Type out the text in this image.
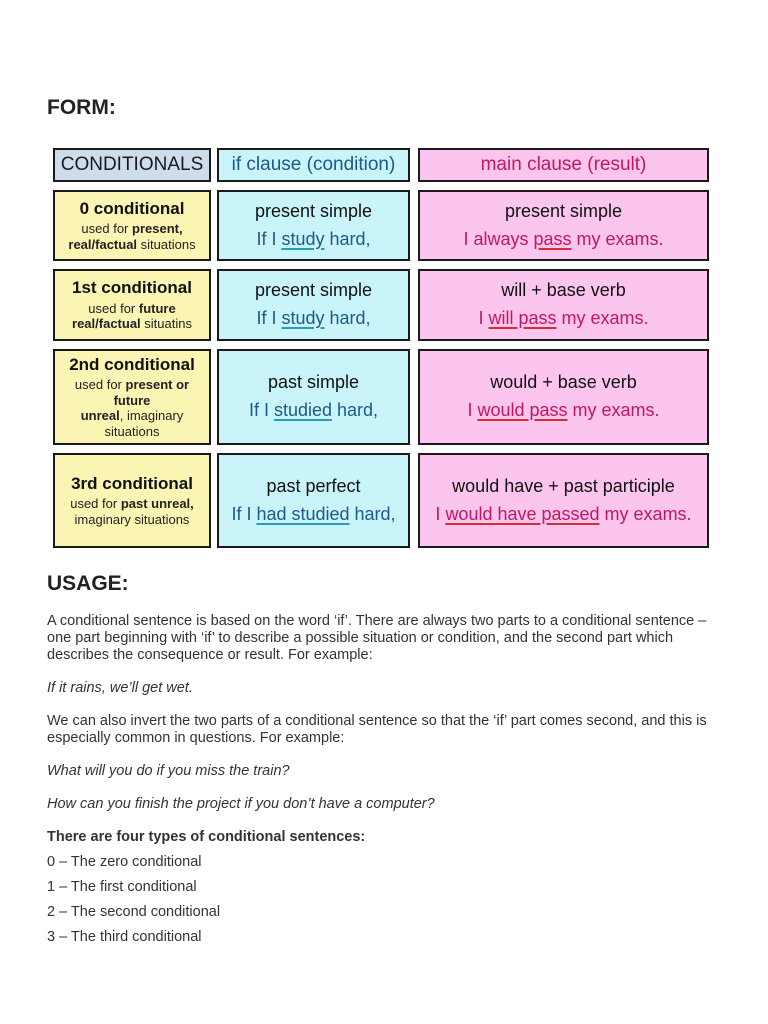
FORM:
CONDITIONALS if clause (condition)	main clause (result)
0 conditional
used for present,
real/factual situations
present simple
If I study hard,
present simple
I always pass my exams.
1st conditional
used for future
real/factual situatins
present simple
If I study hard,
will + base verb
I will pass my exams.
2nd conditional
used for present or future
unreal, imaginary
situations
past simple
If I studied hard,
would + base verb
I would pass my exams.
3rd conditional
used for past unreal,
imaginary situations
past perfect
If I had studied hard,
would have + past participle
I would have passed my exams.
USAGE:

A conditional sentence is based on the word ‘if’. There are always two parts to a conditional sentence – one part beginning with ‘if’ to describe a possible situation or condition, and the second part which describes the consequence or result. For example:

If it rains, we’ll get wet.

We can also invert the two parts of a conditional sentence so that the ‘if’ part comes second, and this is especially common in questions. For example:

What will you do if you miss the train?

How can you finish the project if you don’t have a computer?

There are four types of conditional sentences:

0 – The zero conditional

1 – The first conditional

2 – The second conditional

3 – The third conditional
